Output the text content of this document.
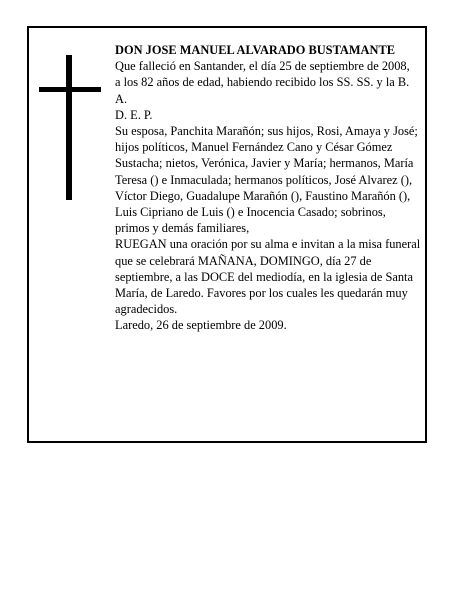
DON JOSE MANUEL ALVARADO BUSTAMANTE

Que falleció en Santander, el día 25 de septiembre de 2008,

a los 82 años de edad, habiendo recibido los SS. SS. y la B. A.

D. E. P.

Su esposa, Panchita Marañón; sus hijos, Rosi, Amaya y José; hijos políticos, Manuel Fernández Cano y César Gómez Sustacha; nietos, Verónica, Javier y María; hermanos, María Teresa () e Inmaculada; hermanos políticos, José Alvarez (), Víctor Diego, Guadalupe Marañón (), Faustino Marañón (), Luis Cipriano de Luis () e Inocencia Casado; sobrinos, primos y demás familiares,

RUEGAN una oración por su alma e invitan a la misa funeral que se celebrará MAÑANA, DOMINGO, día 27 de septiembre, a las DOCE del mediodía, en la iglesia de Santa María, de Laredo. Favores por los cuales les quedarán muy agradecidos.

Laredo, 26 de septiembre de 2009.
